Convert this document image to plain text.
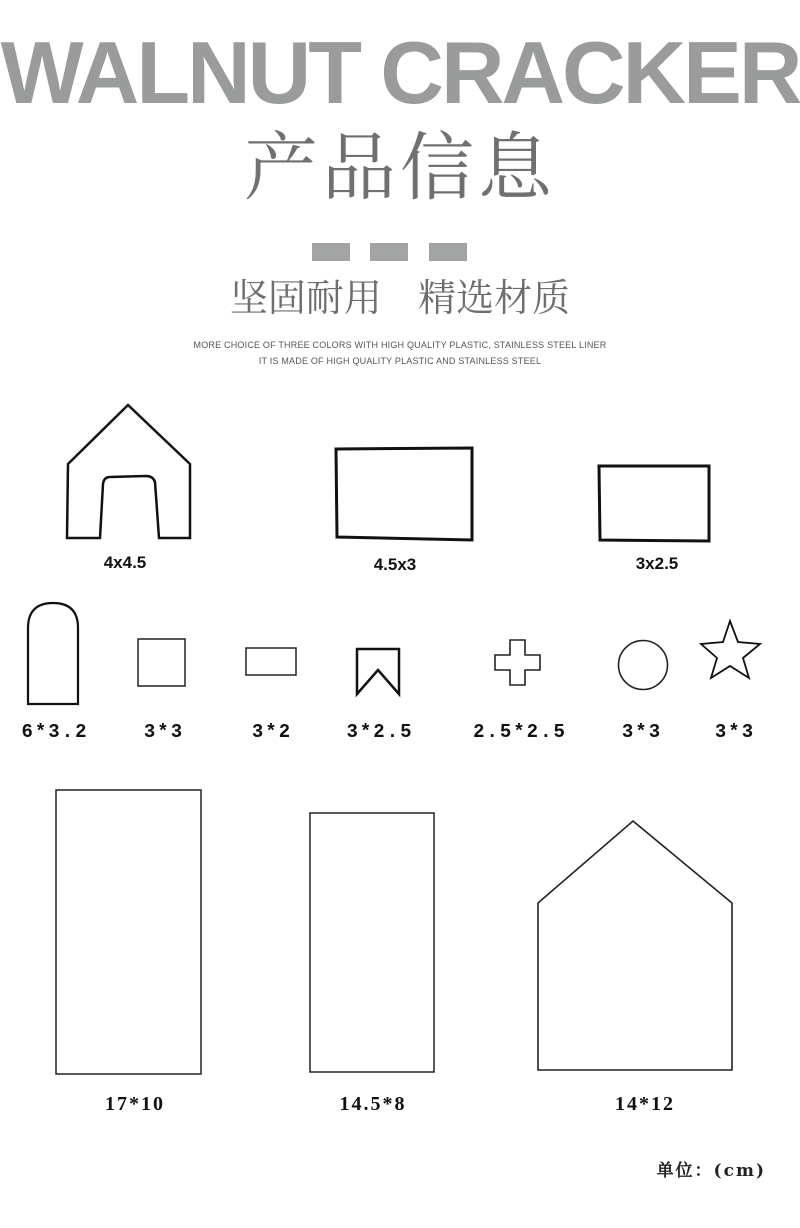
WALNUT CRACKER
产品信息
坚固耐用   精选材质
MORE CHOICE OF THREE COLORS WITH HIGH QUALITY PLASTIC, STAINLESS STEEL LINER
IT IS MADE OF HIGH QUALITY PLASTIC AND STAINLESS STEEL
4x4.5	4.5x3	3x2.5
6*3.2	3*3	3*2	3*2.5	2.5*2.5	3*3	3*3
17*10	14.5*8	14*12
单位：(cm)
